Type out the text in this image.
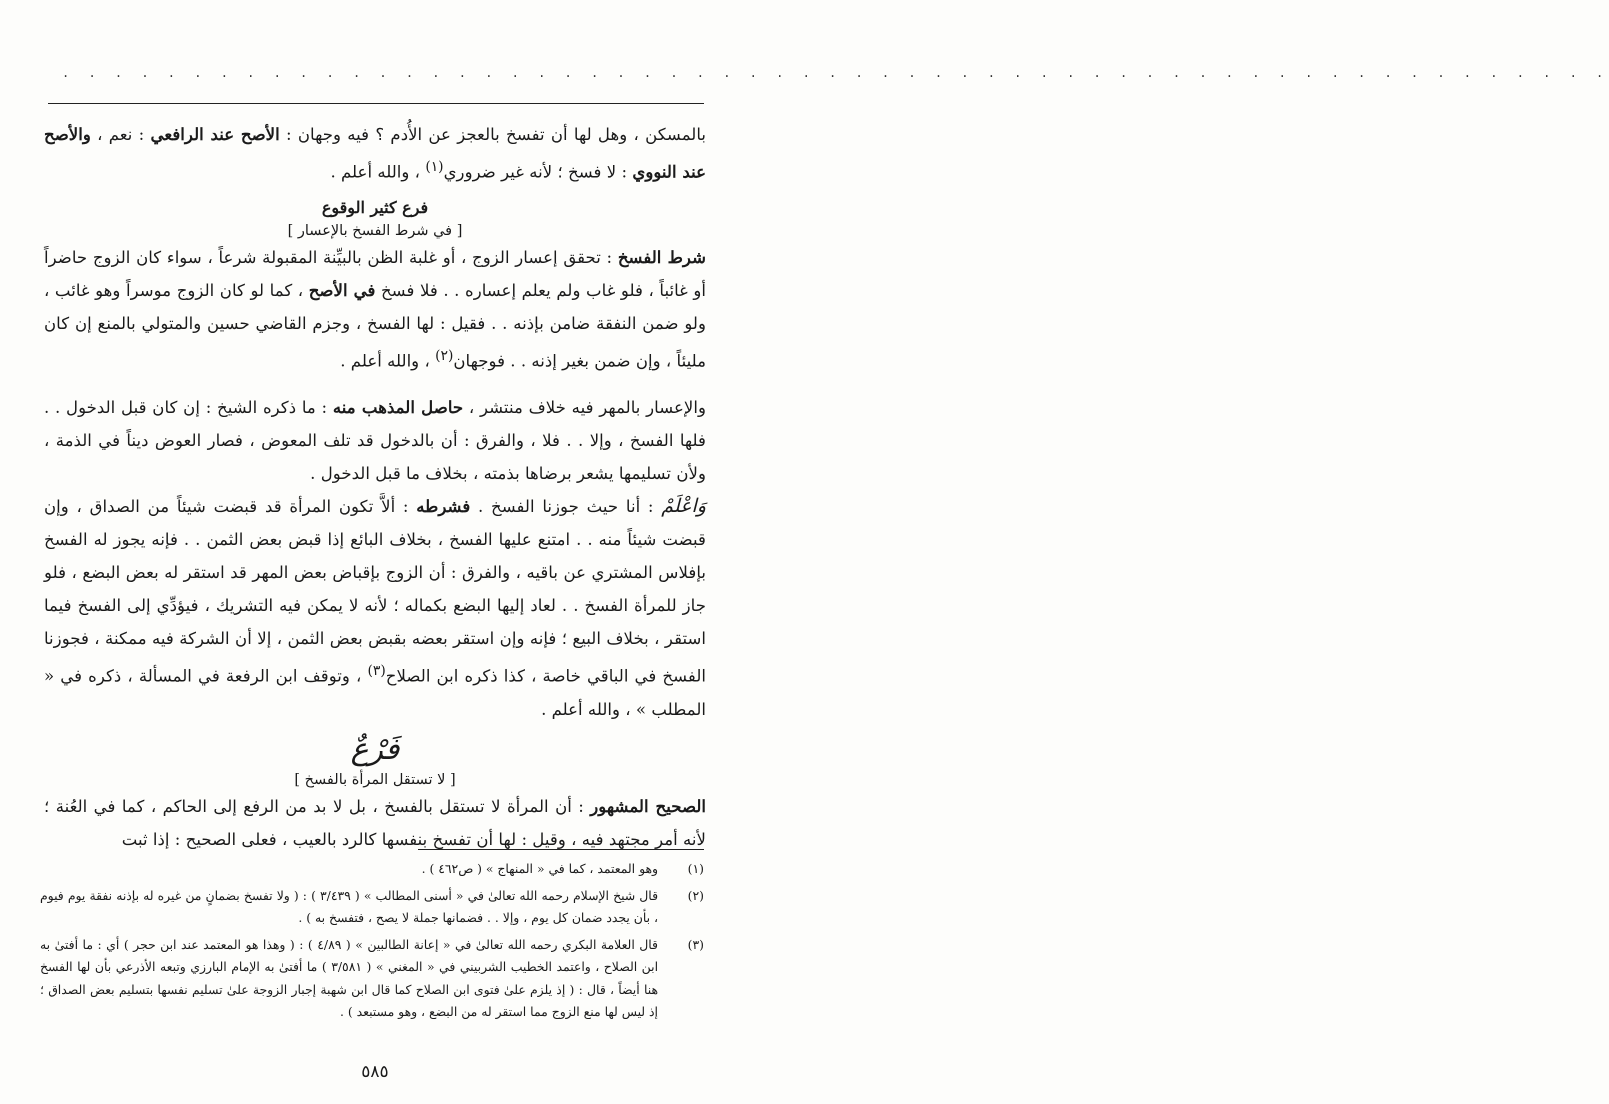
. . . . . . . . . . . . . . . . . . . . . . . . . . . . . . . . . . . . . . . . . . . . . . . . . . . . . . . . . . .

بالمسكن ، وهل لها أن تفسخ بالعجز عن الأُدم ؟ فيه وجهان : الأصح عند الرافعي : نعم ، والأصح عند النووي : لا فسخ ؛ لأنه غير ضروري$^{(١)}$ ، والله أعلم .

فرع كثير الوقوع
[ في شرط الفسخ بالإعسار ]

شرط الفسخ : تحقق إعسار الزوج ، أو غلبة الظن بالبيِّنة المقبولة شرعاً ، سواء كان الزوج حاضراً أو غائباً ، فلو غاب ولم يعلم إعساره . . فلا فسخ في الأصح ، كما لو كان الزوج موسراً وهو غائب ، ولو ضمن النفقة ضامن بإذنه . . فقيل : لها الفسخ ، وجزم القاضي حسين والمتولي بالمنع إن كان مليئاً ، وإن ضمن بغير إذنه . . فوجهان$^{(٢)}$ ، والله أعلم .

والإعسار بالمهر فيه خلاف منتشر ، حاصل المذهب منه : ما ذكره الشيخ : إن كان قبل الدخول . . فلها الفسخ ، وإلا . . فلا ، والفرق : أن بالدخول قد تلف المعوض ، فصار العوض ديناً في الذمة ، ولأن تسليمها يشعر برضاها بذمته ، بخلاف ما قبل الدخول .

وَاعْلَمْ : أنا حيث جوزنا الفسخ . فشرطه : ألاَّ تكون المرأة قد قبضت شيئاً من الصداق ، وإن قبضت شيئاً منه . . امتنع عليها الفسخ ، بخلاف البائع إذا قبض بعض الثمن . . فإنه يجوز له الفسخ بإفلاس المشتري عن باقيه ، والفرق : أن الزوج بإقباض بعض المهر قد استقر له بعض البضع ، فلو جاز للمرأة الفسخ . . لعاد إليها البضع بكماله ؛ لأنه لا يمكن فيه التشريك ، فيؤدِّي إلى الفسخ فيما استقر ، بخلاف البيع ؛ فإنه وإن استقر بعضه بقبض بعض الثمن ، إلا أن الشركة فيه ممكنة ، فجوزنا الفسخ في الباقي خاصة ، كذا ذكره ابن الصلاح$^{(٣)}$ ، وتوقف ابن الرفعة في المسألة ، ذكره في « المطلب » ، والله أعلم .

فَرْعٌ
[ لا تستقل المرأة بالفسخ ]

الصحيح المشهور : أن المرأة لا تستقل بالفسخ ، بل لا بد من الرفع إلى الحاكم ، كما في العُنة ؛ لأنه أمر مجتهد فيه ، وقيل : لها أن تفسخ بنفسها كالرد بالعيب ، فعلى الصحيح : إذا ثبت

(١)
وهو المعتمد ، كما في « المنهاج » ( ص٤٦٢ ) .
(٢)
قال شيخ الإسلام رحمه الله تعالىٰ في « أسنى المطالب » ( ٣/٤٣٩ ) : ( ولا تفسخ بضمانٍ من غيره له بإذنه نفقة يوم فيوم ، بأن يجدد ضمان كل يوم ، وإلا . . فضمانها جملة لا يصح ، فتفسخ به ) .
(٣)
قال العلامة البكري رحمه الله تعالىٰ في « إعانة الطالبين » ( ٤/٨٩ ) : ( وهذا هو المعتمد عند ابن حجر ) أي : ما أفتىٰ به ابن الصلاح ، واعتمد الخطيب الشربيني في « المغني » ( ٣/٥٨١ ) ما أفتىٰ به الإمام البارزي وتبعه الأذرعي بأن لها الفسخ هنا أيضاً ، قال : ( إذ يلزم علىٰ فتوى ابن الصلاح كما قال ابن شهبة إجبار الزوجة علىٰ تسليم نفسها بتسليم بعض الصداق ؛ إذ ليس لها منع الزوج مما استقر له من البضع ، وهو مستبعد ) .
٥٨٥
